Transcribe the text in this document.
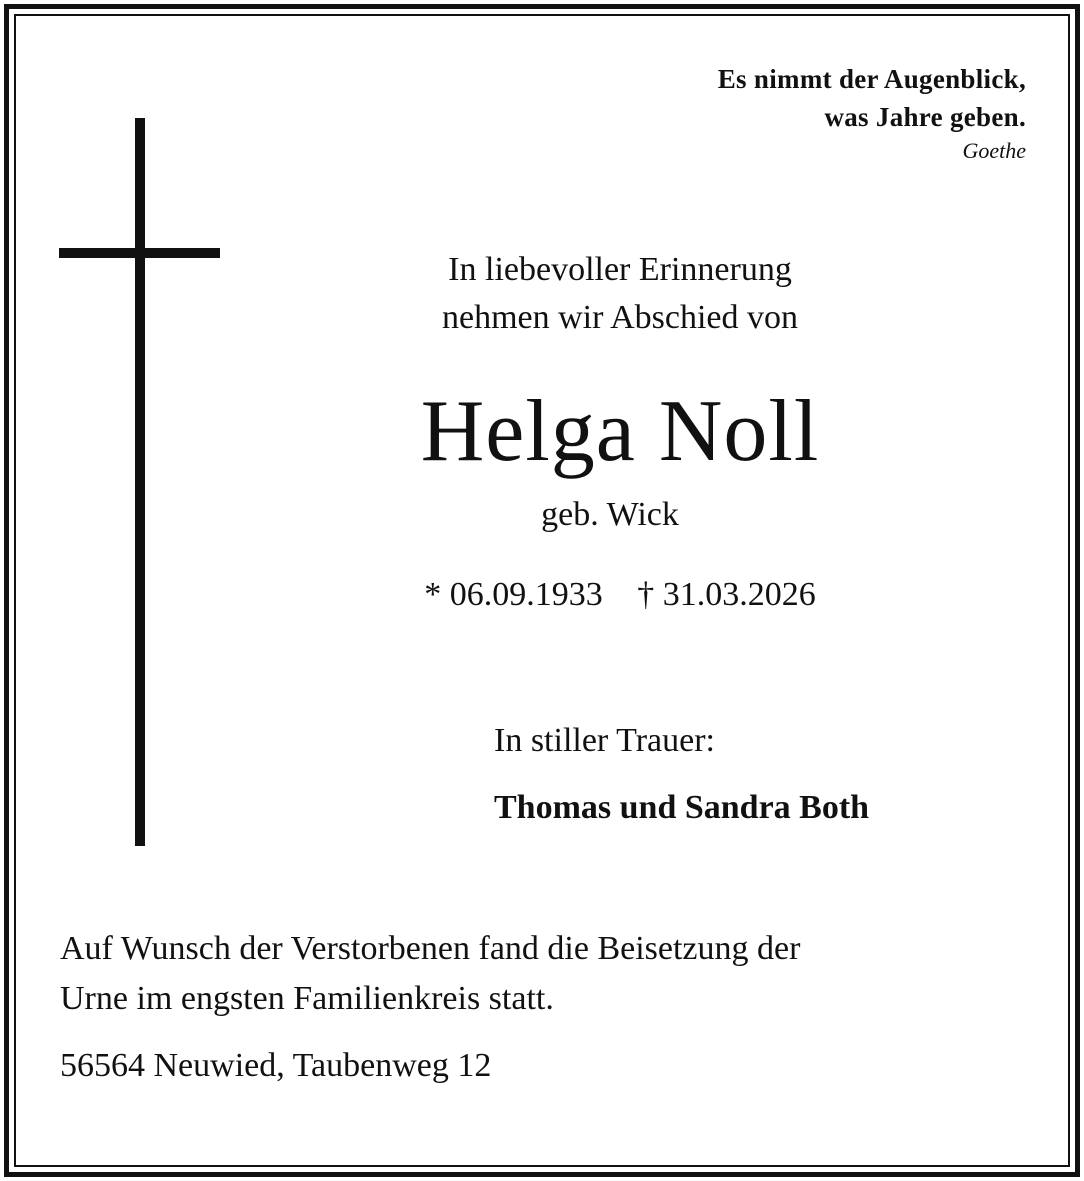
Es nimmt der Augenblick,
was Jahre geben.
Goethe
In liebevoller Erinnerung
nehmen wir Abschied von
Helga Noll
geb. Wick
* 06.09.1933 † 31.03.2026
In stiller Trauer:
Thomas und Sandra Both
Auf Wunsch der Verstorbenen fand die Beisetzung der
Urne im engsten Familienkreis statt.
56564 Neuwied, Taubenweg 12
